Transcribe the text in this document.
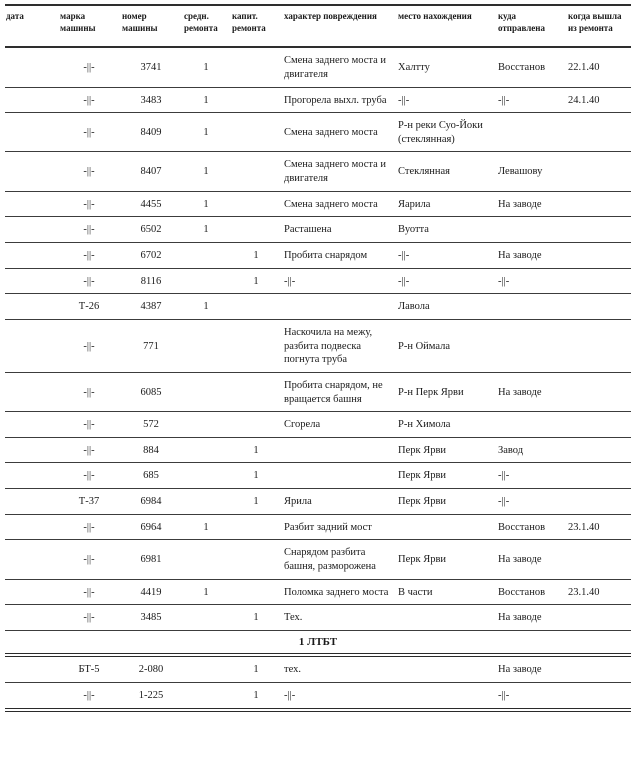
дата	марка машины	номер машины	средн. ремонта	капит. ремонта	характер повреждения	место нахождения	куда отправлена	когда вышла из ремонта
	-||-	3741	1		Смена заднего моста и двигателя	Халтту	Восстанов	22.1.40
	-||-	3483	1		Прогорела выхл. труба	-||-	-||-	24.1.40
	-||-	8409	1		Смена заднего моста	Р-н реки Суо-Йоки (стеклянная)		
	-||-	8407	1		Смена заднего моста и двигателя	Стеклянная	Левашову	
	-||-	4455	1		Смена заднего моста	Яарила	На заводе	
	-||-	6502	1		Расташена	Вуотта		
	-||-	6702		1	Пробита снарядом	-||-	На заводе	
	-||-	8116		1	-||-	-||-	-||-	
	Т-26	4387	1			Лавола		
	-||-	771			Наскочила на межу, разбита подвеска погнута труба	Р-н Оймала		
	-||-	6085			Пробита снарядом, не вращается башня	Р-н Перк Ярви	На заводе	
	-||-	572			Сгорела	Р-н Химола		
	-||-	884		1		Перк Ярви	Завод	
	-||-	685		1		Перк Ярви	-||-	
	Т-37	6984		1	Ярила	Перк Ярви	-||-	
	-||-	6964	1		Разбит задний мост		Восстанов	23.1.40
	-||-	6981			Снарядом разбита башня, разморожена	Перк Ярви	На заводе	
	-||-	4419	1		Поломка заднего моста	В части	Восстанов	23.1.40
	-||-	3485		1	Тех.		На заводе	
1 ЛТБТ								
	БТ-5	2-080		1	тех.		На заводе	
	-||-	1-225		1	-||-		-||-	
